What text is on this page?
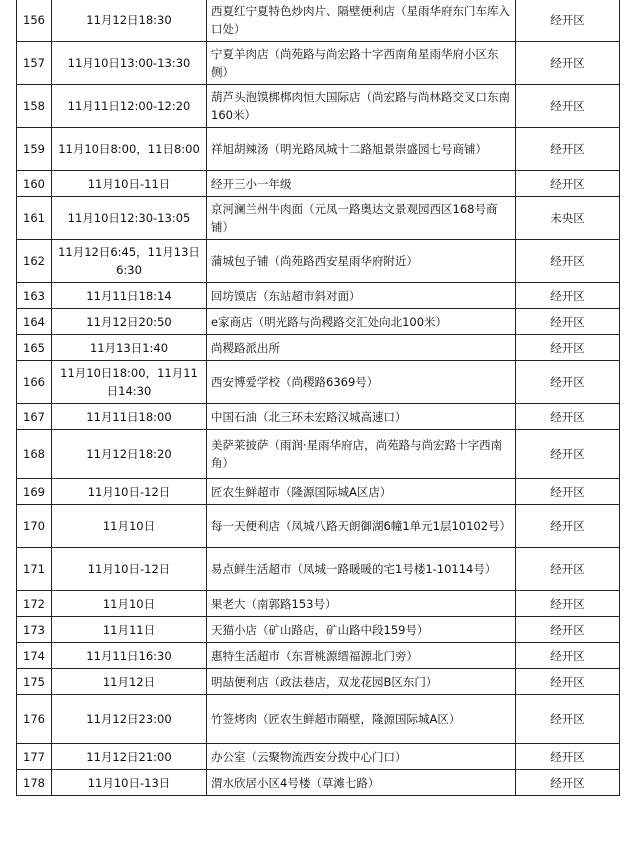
156	11月12日18:30	西夏红宁夏特色炒肉片、隔壁便利店（星雨华府东门车库入口处）	经开区
157	11月10日13:00-13:30	宁夏羊肉店（尚苑路与尚宏路十字西南角星雨华府小区东侧）	经开区
158	11月11日12:00-12:20	葫芦头泡馍梆梆肉恒大国际店（尚宏路与尚林路交叉口东南160米）	经开区
159	11月10日8:00，11日8:00	祥旭胡辣汤（明光路凤城十二路旭景崇盛园七号商铺）	经开区
160	11月10日-11日	经开三小一年级	经开区
161	11月10日12:30-13:05	京河澜兰州牛肉面（元凤一路奥达文景观园西区168号商铺）	未央区
162	11月12日6:45，11月13日6:30	蒲城包子铺（尚苑路西安星雨华府附近）	经开区
163	11月11日18:14	回坊馍店（东站超市斜对面）	经开区
164	11月12日20:50	e家商店（明光路与尚稷路交汇处向北100米）	经开区
165	11月13日1:40	尚稷路派出所	经开区
166	11月10日18:00，11月11日14:30	西安博爱学校（尚稷路6369号）	经开区
167	11月11日18:00	中国石油（北三环未宏路汉城高速口）	经开区
168	11月12日18:20	美萨莱披萨（雨润·星雨华府店，尚苑路与尚宏路十字西南角）	经开区
169	11月10日-12日	匠农生鲜超市（隆源国际城A区店）	经开区
170	11月10日	每一天便利店（凤城八路天朗御湖6幢1单元1层10102号）	经开区
171	11月10日-12日	易点鲜生活超市（凤城一路暖暖的宅1号楼1-10114号）	经开区
172	11月10日	果老大（南郭路153号）	经开区
173	11月11日	天猫小店（矿山路店，矿山路中段159号）	经开区
174	11月11日16:30	惠特生活超市（东晋桃源缙福源北门旁）	经开区
175	11月12日	明喆便利店（政法巷店，双龙花园B区东门）	经开区
176	11月12日23:00	竹签烤肉（匠农生鲜超市隔壁，隆源国际城A区）	经开区
177	11月12日21:00	办公室（云聚物流西安分拨中心门口）	经开区
178	11月10日-13日	渭水欣居小区4号楼（草滩七路）	经开区
